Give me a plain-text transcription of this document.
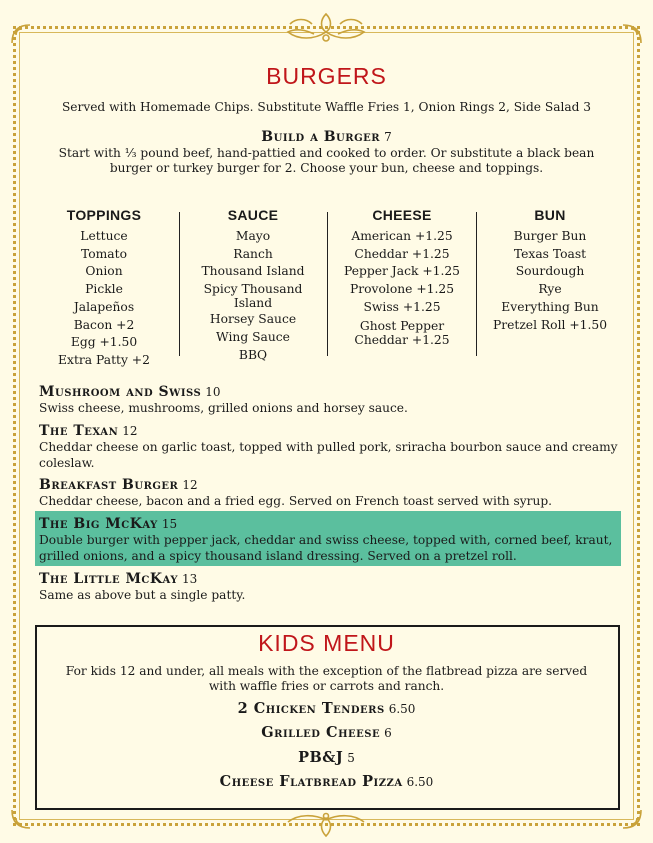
BURGERS
Served with Homemade Chips. Substitute Waffle Fries 1, Onion Rings 2, Side Salad 3
Build a Burger 7
Start with ⅓ pound beef, hand-pattied and cooked to order. Or substitute a black bean
burger or turkey burger for 2. Choose your bun, cheese and toppings.
TOPPINGS
Lettuce
Tomato
Onion
Pickle
Jalapeños
Bacon +2
Egg +1.50
Extra Patty +2
SAUCE
Mayo
Ranch
Thousand Island
Spicy Thousand Island
Horsey Sauce
Wing Sauce
BBQ
CHEESE
American +1.25
Cheddar +1.25
Pepper Jack +1.25
Provolone +1.25
Swiss +1.25
Ghost Pepper Cheddar +1.25
BUN
Burger Bun
Texas Toast
Sourdough
Rye
Everything Bun
Pretzel Roll +1.50
Mushroom and Swiss 10
Swiss cheese, mushrooms, grilled onions and horsey sauce.
The Texan 12
Cheddar cheese on garlic toast, topped with pulled pork, sriracha bourbon sauce and creamy coleslaw.
Breakfast Burger 12
Cheddar cheese, bacon and a fried egg. Served on French toast served with syrup.
The Big McKay 15
Double burger with pepper jack, cheddar and swiss cheese, topped with, corned beef, kraut, grilled onions, and a spicy thousand island dressing. Served on a pretzel roll.
The Little McKay 13
Same as above but a single patty.
KIDS MENU
For kids 12 and under, all meals with the exception of the flatbread pizza are served
with waffle fries or carrots and ranch.
2 Chicken Tenders 6.50
Grilled Cheese 6
PB&J 5
Cheese Flatbread Pizza 6.50
